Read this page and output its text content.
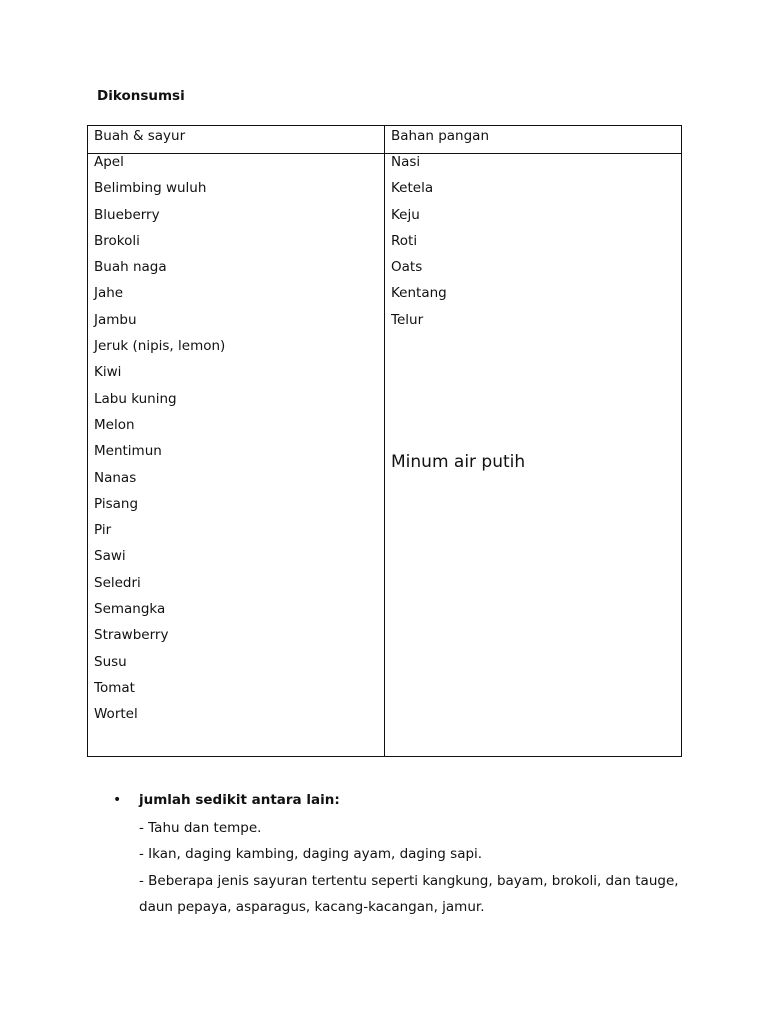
Dikonsumsi
Buah & sayur	Bahan pangan
Apel
Belimbing wuluh
Blueberry
Brokoli
Buah naga
Jahe
Jambu
Jeruk (nipis, lemon)
Kiwi
Labu kuning
Melon
Mentimun
Nanas
Pisang
Pir
Sawi
Seledri
Semangka
Strawberry
Susu
Tomat
Wortel
Nasi
Ketela
Keju
Roti
Oats
Kentang
Telur
Minum air putih
• jumlah sedikit antara lain:
- Tahu dan tempe.
- Ikan, daging kambing, daging ayam, daging sapi.
- Beberapa jenis sayuran tertentu seperti kangkung, bayam, brokoli, dan tauge,
daun pepaya, asparagus, kacang-kacangan, jamur.
